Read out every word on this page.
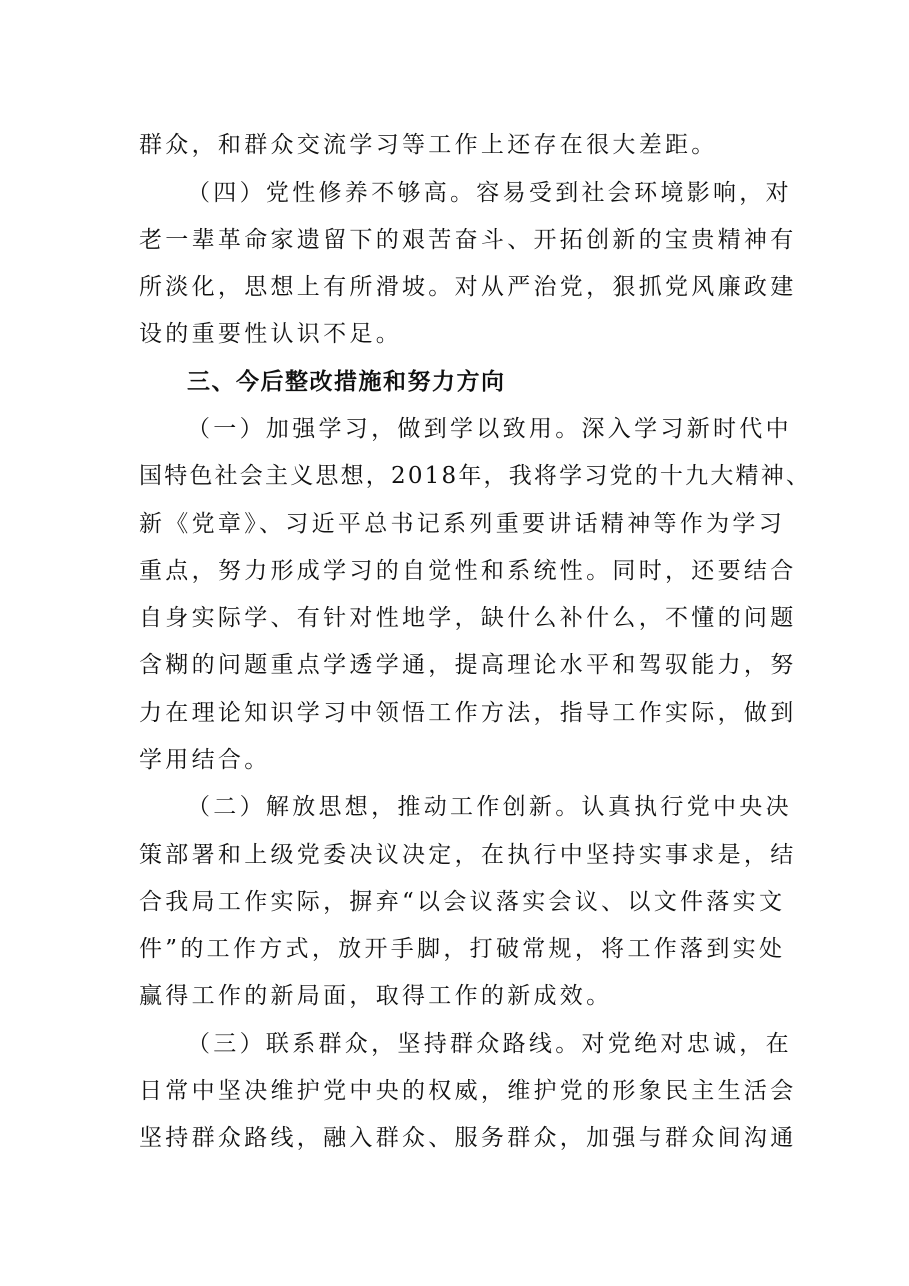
群众，和群众交流学习等工作上还存在很大差距。
（四）党性修养不够高。容易受到社会环境影响，对
老一辈革命家遗留下的艰苦奋斗、开拓创新的宝贵精神有
所淡化，思想上有所滑坡。对从严治党，狠抓党风廉政建
设的重要性认识不足。
三、今后整改措施和努力方向
（一）加强学习，做到学以致用。深入学习新时代中
国特色社会主义思想，2018年，我将学习党的十九大精神、
新《党章》、习近平总书记系列重要讲话精神等作为学习
重点，努力形成学习的自觉性和系统性。同时，还要结合
自身实际学、有针对性地学，缺什么补什么，不懂的问题
含糊的问题重点学透学通，提高理论水平和驾驭能力，努
力在理论知识学习中领悟工作方法，指导工作实际，做到
学用结合。
（二）解放思想，推动工作创新。认真执行党中央决
策部署和上级党委决议决定，在执行中坚持实事求是，结
合我局工作实际，摒弃“以会议落实会议、以文件落实文
件”的工作方式，放开手脚，打破常规，将工作落到实处
赢得工作的新局面，取得工作的新成效。
（三）联系群众，坚持群众路线。对党绝对忠诚，在
日常中坚决维护党中央的权威，维护党的形象民主生活会
坚持群众路线，融入群众、服务群众，加强与群众间沟通
